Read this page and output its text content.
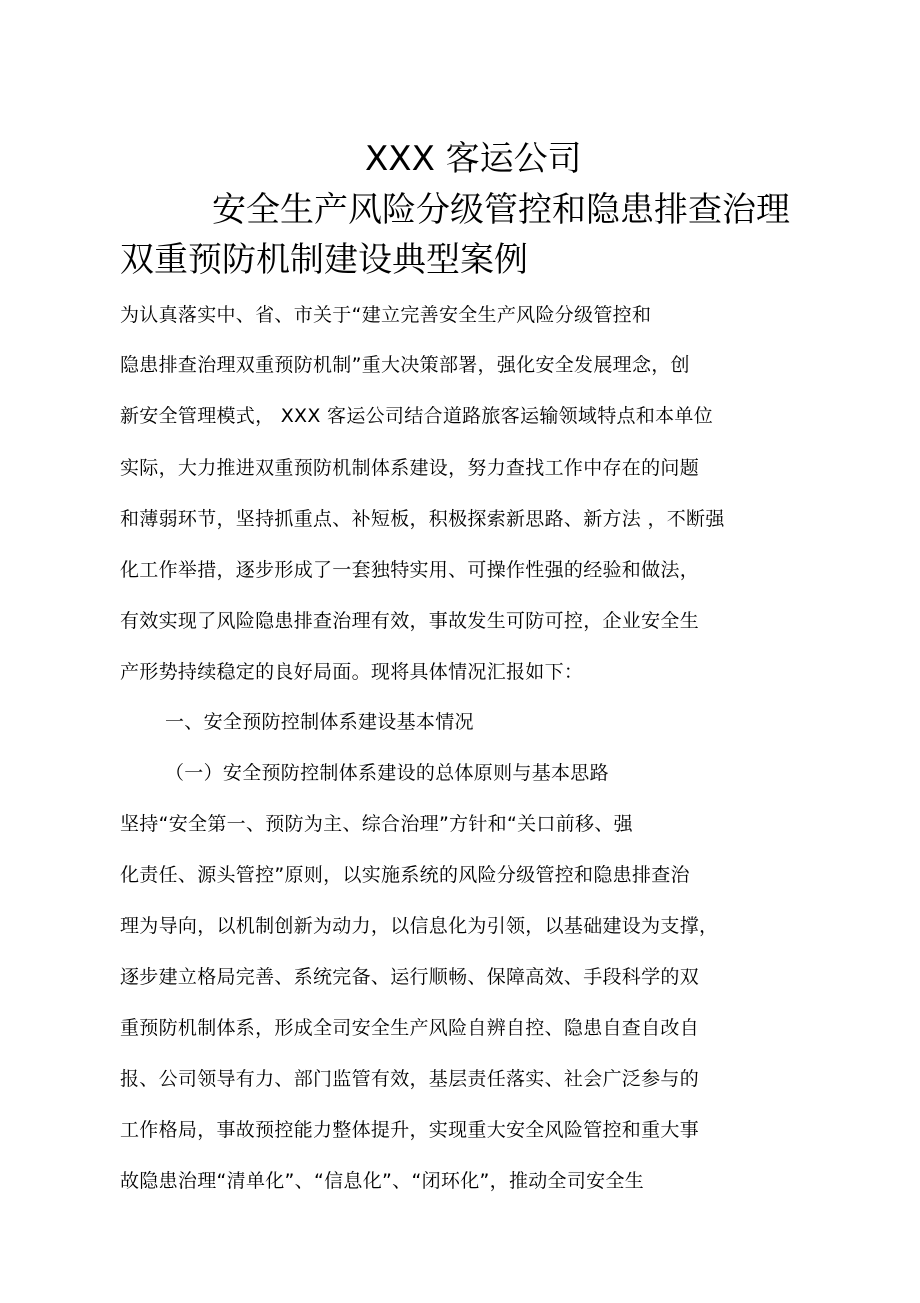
XXX 客运公司
安全生产风险分级管控和隐患排查治理
双重预防机制建设典型案例
为认真落实中、省、市关于“建立完善安全生产风险分级管控和
隐患排查治理双重预防机制”重大决策部署，强化安全发展理念，创
新安全管理模式， XXX 客运公司结合道路旅客运输领域特点和本单位
实际，大力推进双重预防机制体系建设，努力查找工作中存在的问题
和薄弱环节，坚持抓重点、补短板，积极探索新思路、新方法 ，不断强
化工作举措，逐步形成了一套独特实用、可操作性强的经验和做法，
有效实现了风险隐患排查治理有效，事故发生可防可控，企业安全生
产形势持续稳定的良好局面。现将具体情况汇报如下：
一、安全预防控制体系建设基本情况
（一）安全预防控制体系建设的总体原则与基本思路
坚持“安全第一、预防为主、综合治理”方针和“关口前移、强
化责任、源头管控”原则，以实施系统的风险分级管控和隐患排查治
理为导向，以机制创新为动力，以信息化为引领，以基础建设为支撑，
逐步建立格局完善、系统完备、运行顺畅、保障高效、手段科学的双
重预防机制体系，形成全司安全生产风险自辨自控、隐患自查自改自
报、公司领导有力、部门监管有效，基层责任落实、社会广泛参与的
工作格局，事故预控能力整体提升，实现重大安全风险管控和重大事
故隐患治理“清单化”、“信息化”、“闭环化”，推动全司安全生
